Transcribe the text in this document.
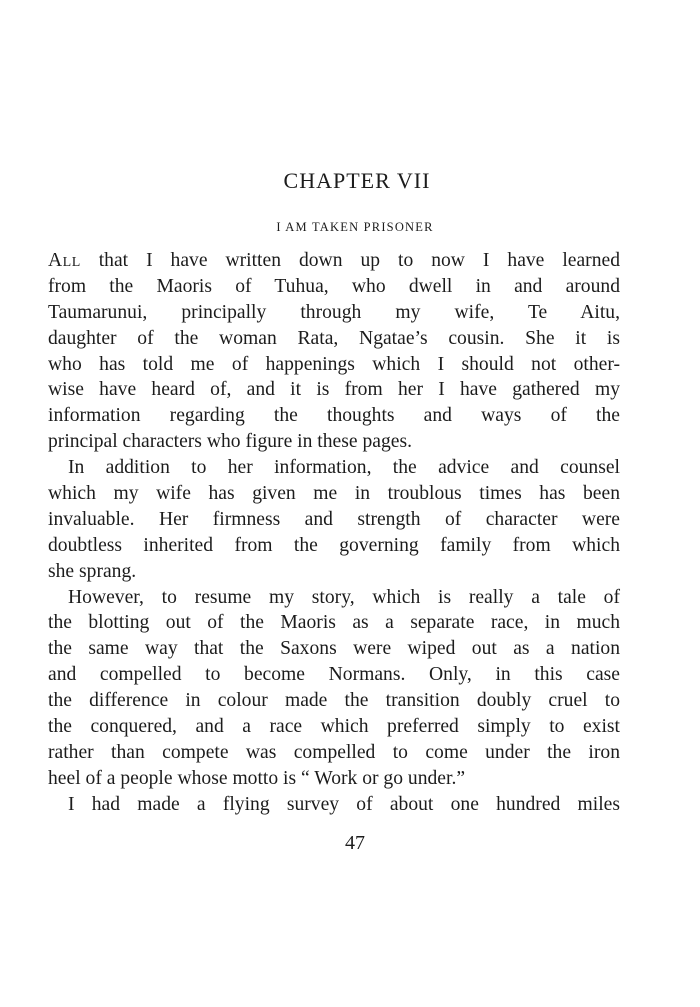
CHAPTER VII
I AM TAKEN PRISONER
All that I have written down up to now I have learned
from the Maoris of Tuhua, who dwell in and around
Taumarunui, principally through my wife, Te Aitu,
daughter of the woman Rata, Ngatae’s cousin. She it is
who has told me of happenings which I should not other-
wise have heard of, and it is from her I have gathered my
information regarding the thoughts and ways of the
principal characters who figure in these pages.
In addition to her information, the advice and counsel
which my wife has given me in troublous times has been
invaluable. Her firmness and strength of character were
doubtless inherited from the governing family from which
she sprang.
However, to resume my story, which is really a tale of
the blotting out of the Maoris as a separate race, in much
the same way that the Saxons were wiped out as a nation
and compelled to become Normans. Only, in this case
the difference in colour made the transition doubly cruel to
the conquered, and a race which preferred simply to exist
rather than compete was compelled to come under the iron
heel of a people whose motto is “ Work or go under.”
I had made a flying survey of about one hundred miles
47
